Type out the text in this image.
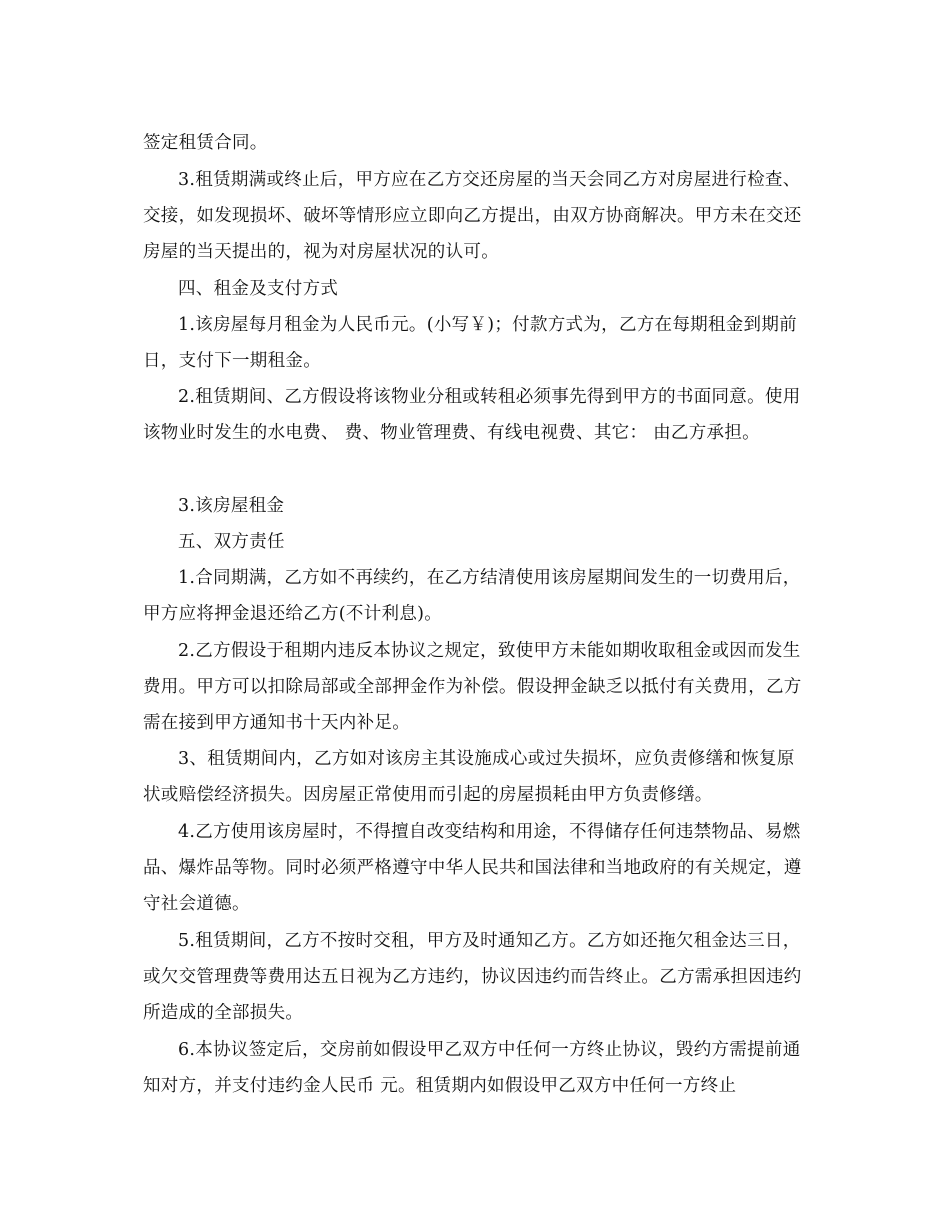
签定租赁合同。

3.租赁期满或终止后，甲方应在乙方交还房屋的当天会同乙方对房屋进行检查、交接，如发现损坏、破坏等情形应立即向乙方提出，由双方协商解决。甲方未在交还房屋的当天提出的，视为对房屋状况的认可。

四、租金及支付方式

1.该房屋每月租金为人民币元。(小写￥)；付款方式为，乙方在每期租金到期前 日，支付下一期租金。

2.租赁期间、乙方假设将该物业分租或转租必须事先得到甲方的书面同意。使用该物业时发生的水电费、 费、物业管理费、有线电视费、其它： 由乙方承担。

3.该房屋租金

五、双方责任

1.合同期满，乙方如不再续约，在乙方结清使用该房屋期间发生的一切费用后，甲方应将押金退还给乙方(不计利息)。

2.乙方假设于租期内违反本协议之规定，致使甲方未能如期收取租金或因而发生费用。甲方可以扣除局部或全部押金作为补偿。假设押金缺乏以抵付有关费用，乙方需在接到甲方通知书十天内补足。

3、租赁期间内，乙方如对该房主其设施成心或过失损坏，应负责修缮和恢复原状或赔偿经济损失。因房屋正常使用而引起的房屋损耗由甲方负责修缮。

4.乙方使用该房屋时，不得擅自改变结构和用途，不得储存任何违禁物品、易燃品、爆炸品等物。同时必须严格遵守中华人民共和国法律和当地政府的有关规定，遵守社会道德。

5.租赁期间，乙方不按时交租，甲方及时通知乙方。乙方如还拖欠租金达三日，或欠交管理费等费用达五日视为乙方违约，协议因违约而告终止。乙方需承担因违约所造成的全部损失。

6.本协议签定后，交房前如假设甲乙双方中任何一方终止协议，毁约方需提前通知对方，并支付违约金人民币 元。租赁期内如假设甲乙双方中任何一方终止
